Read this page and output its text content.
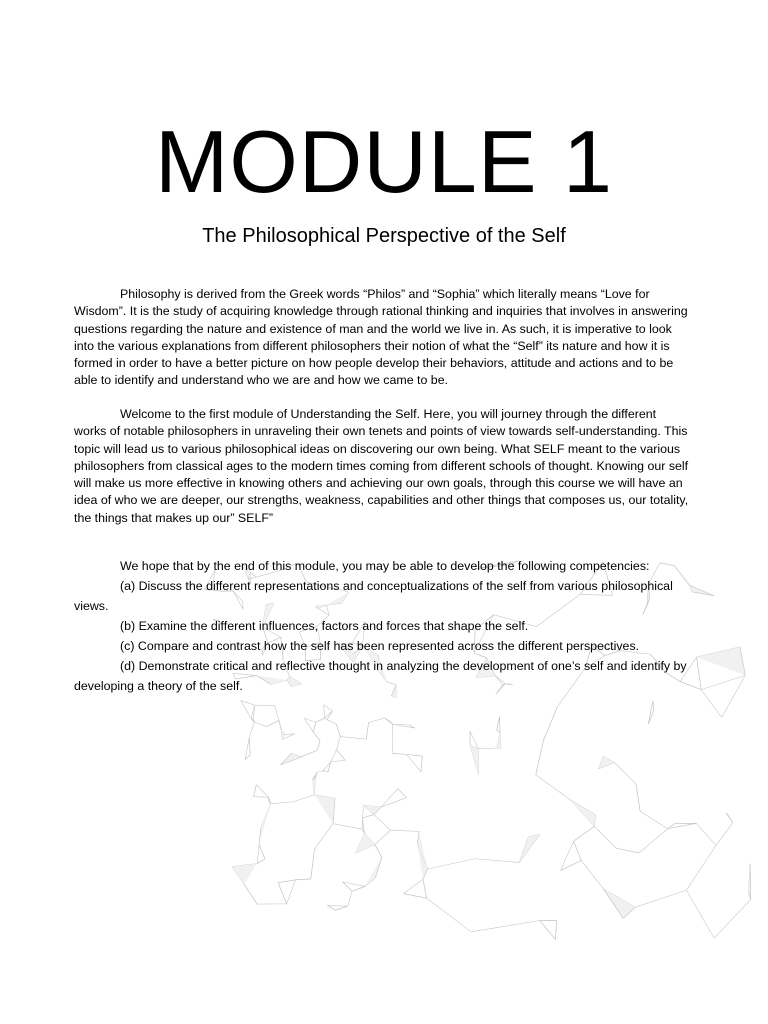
MODULE 1
The Philosophical Perspective of the Self

Philosophy is derived from the Greek words “Philos” and “Sophia” which literally means “Love for Wisdom”. It is the study of acquiring knowledge through rational thinking and inquiries that involves in answering questions regarding the nature and existence of man and the world we live in. As such, it is imperative to look into the various explanations from different philosophers their notion of what the “Self” its nature and how it is formed in order to have a better picture on how people develop their behaviors, attitude and actions and to be able to identify and understand who we are and how we came to be.

Welcome to the first module of Understanding the Self. Here, you will journey through the different works of notable philosophers in unraveling their own tenets and points of view towards self-understanding. This topic will lead us to various philosophical ideas on discovering our own being. What SELF meant to the various philosophers from classical ages to the modern times coming from different schools of thought. Knowing our self will make us more effective in knowing others and achieving our own goals, through this course we will have an idea of who we are deeper, our strengths, weakness, capabilities and other things that composes us, our totality, the things that makes up our” SELF”

We hope that by the end of this module, you may be able to develop the following competencies:

(a) Discuss the different representations and conceptualizations of the self from various philosophical views.

(b) Examine the different influences, factors and forces that shape the self.

(c) Compare and contrast how the self has been represented across the different perspectives.

(d) Demonstrate critical and reflective thought in analyzing the development of one’s self and identify by developing a theory of the self.
